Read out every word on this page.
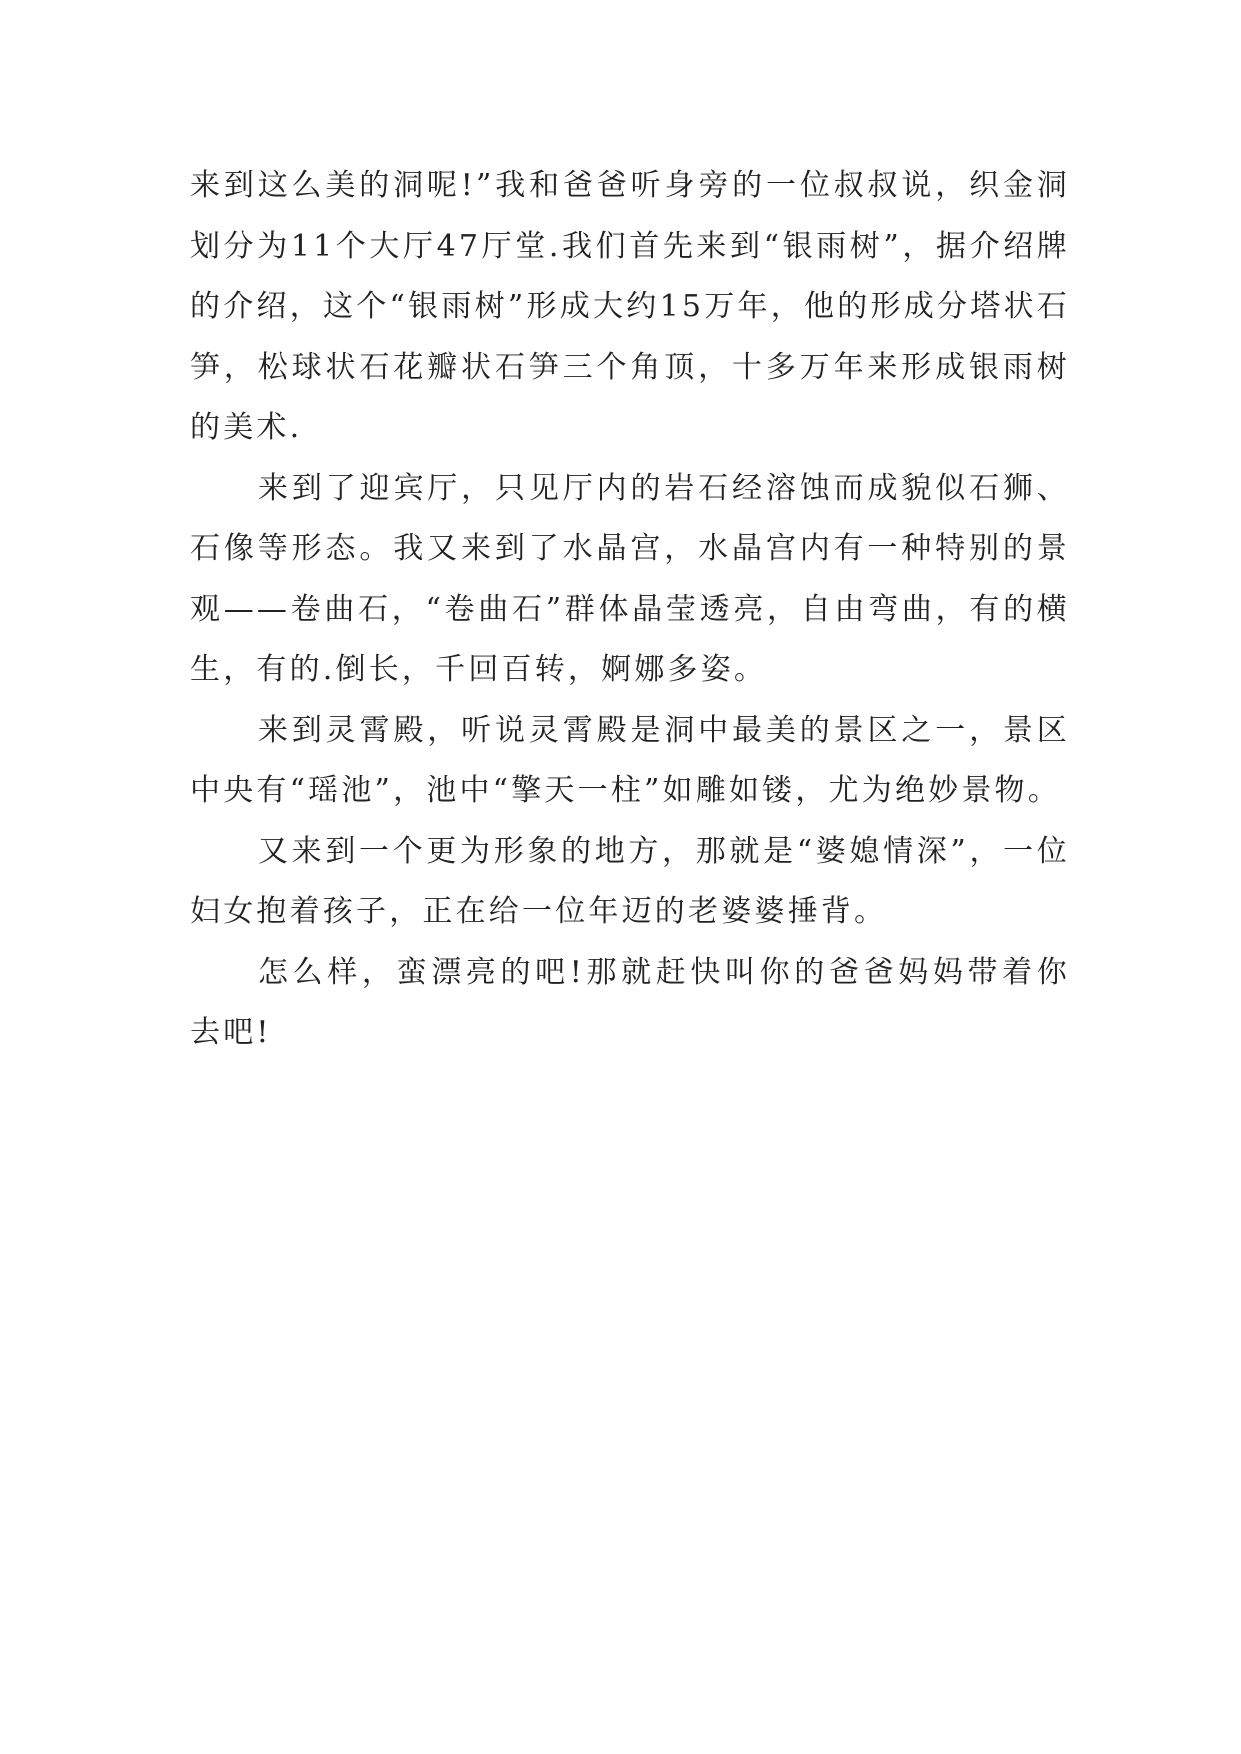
来到这么美的洞呢!”我和爸爸听身旁的一位叔叔说，织金洞划分为11个大厅47厅堂.我们首先来到“银雨树”，据介绍牌的介绍，这个“银雨树”形成大约15万年，他的形成分塔状石笋，松球状石花瓣状石笋三个角顶，十多万年来形成银雨树的美术.

来到了迎宾厅，只见厅内的岩石经溶蚀而成貌似石狮、石像等形态。我又来到了水晶宫，水晶宫内有一种特别的景观——卷曲石，“卷曲石”群体晶莹透亮，自由弯曲，有的横生，有的.倒长，千回百转，婀娜多姿。

来到灵霄殿，听说灵霄殿是洞中最美的景区之一，景区中央有“瑶池”，池中“擎天一柱”如雕如镂，尤为绝妙景物。

又来到一个更为形象的地方，那就是“婆媳情深”，一位妇女抱着孩子，正在给一位年迈的老婆婆捶背。

怎么样，蛮漂亮的吧!那就赶快叫你的爸爸妈妈带着你去吧!
